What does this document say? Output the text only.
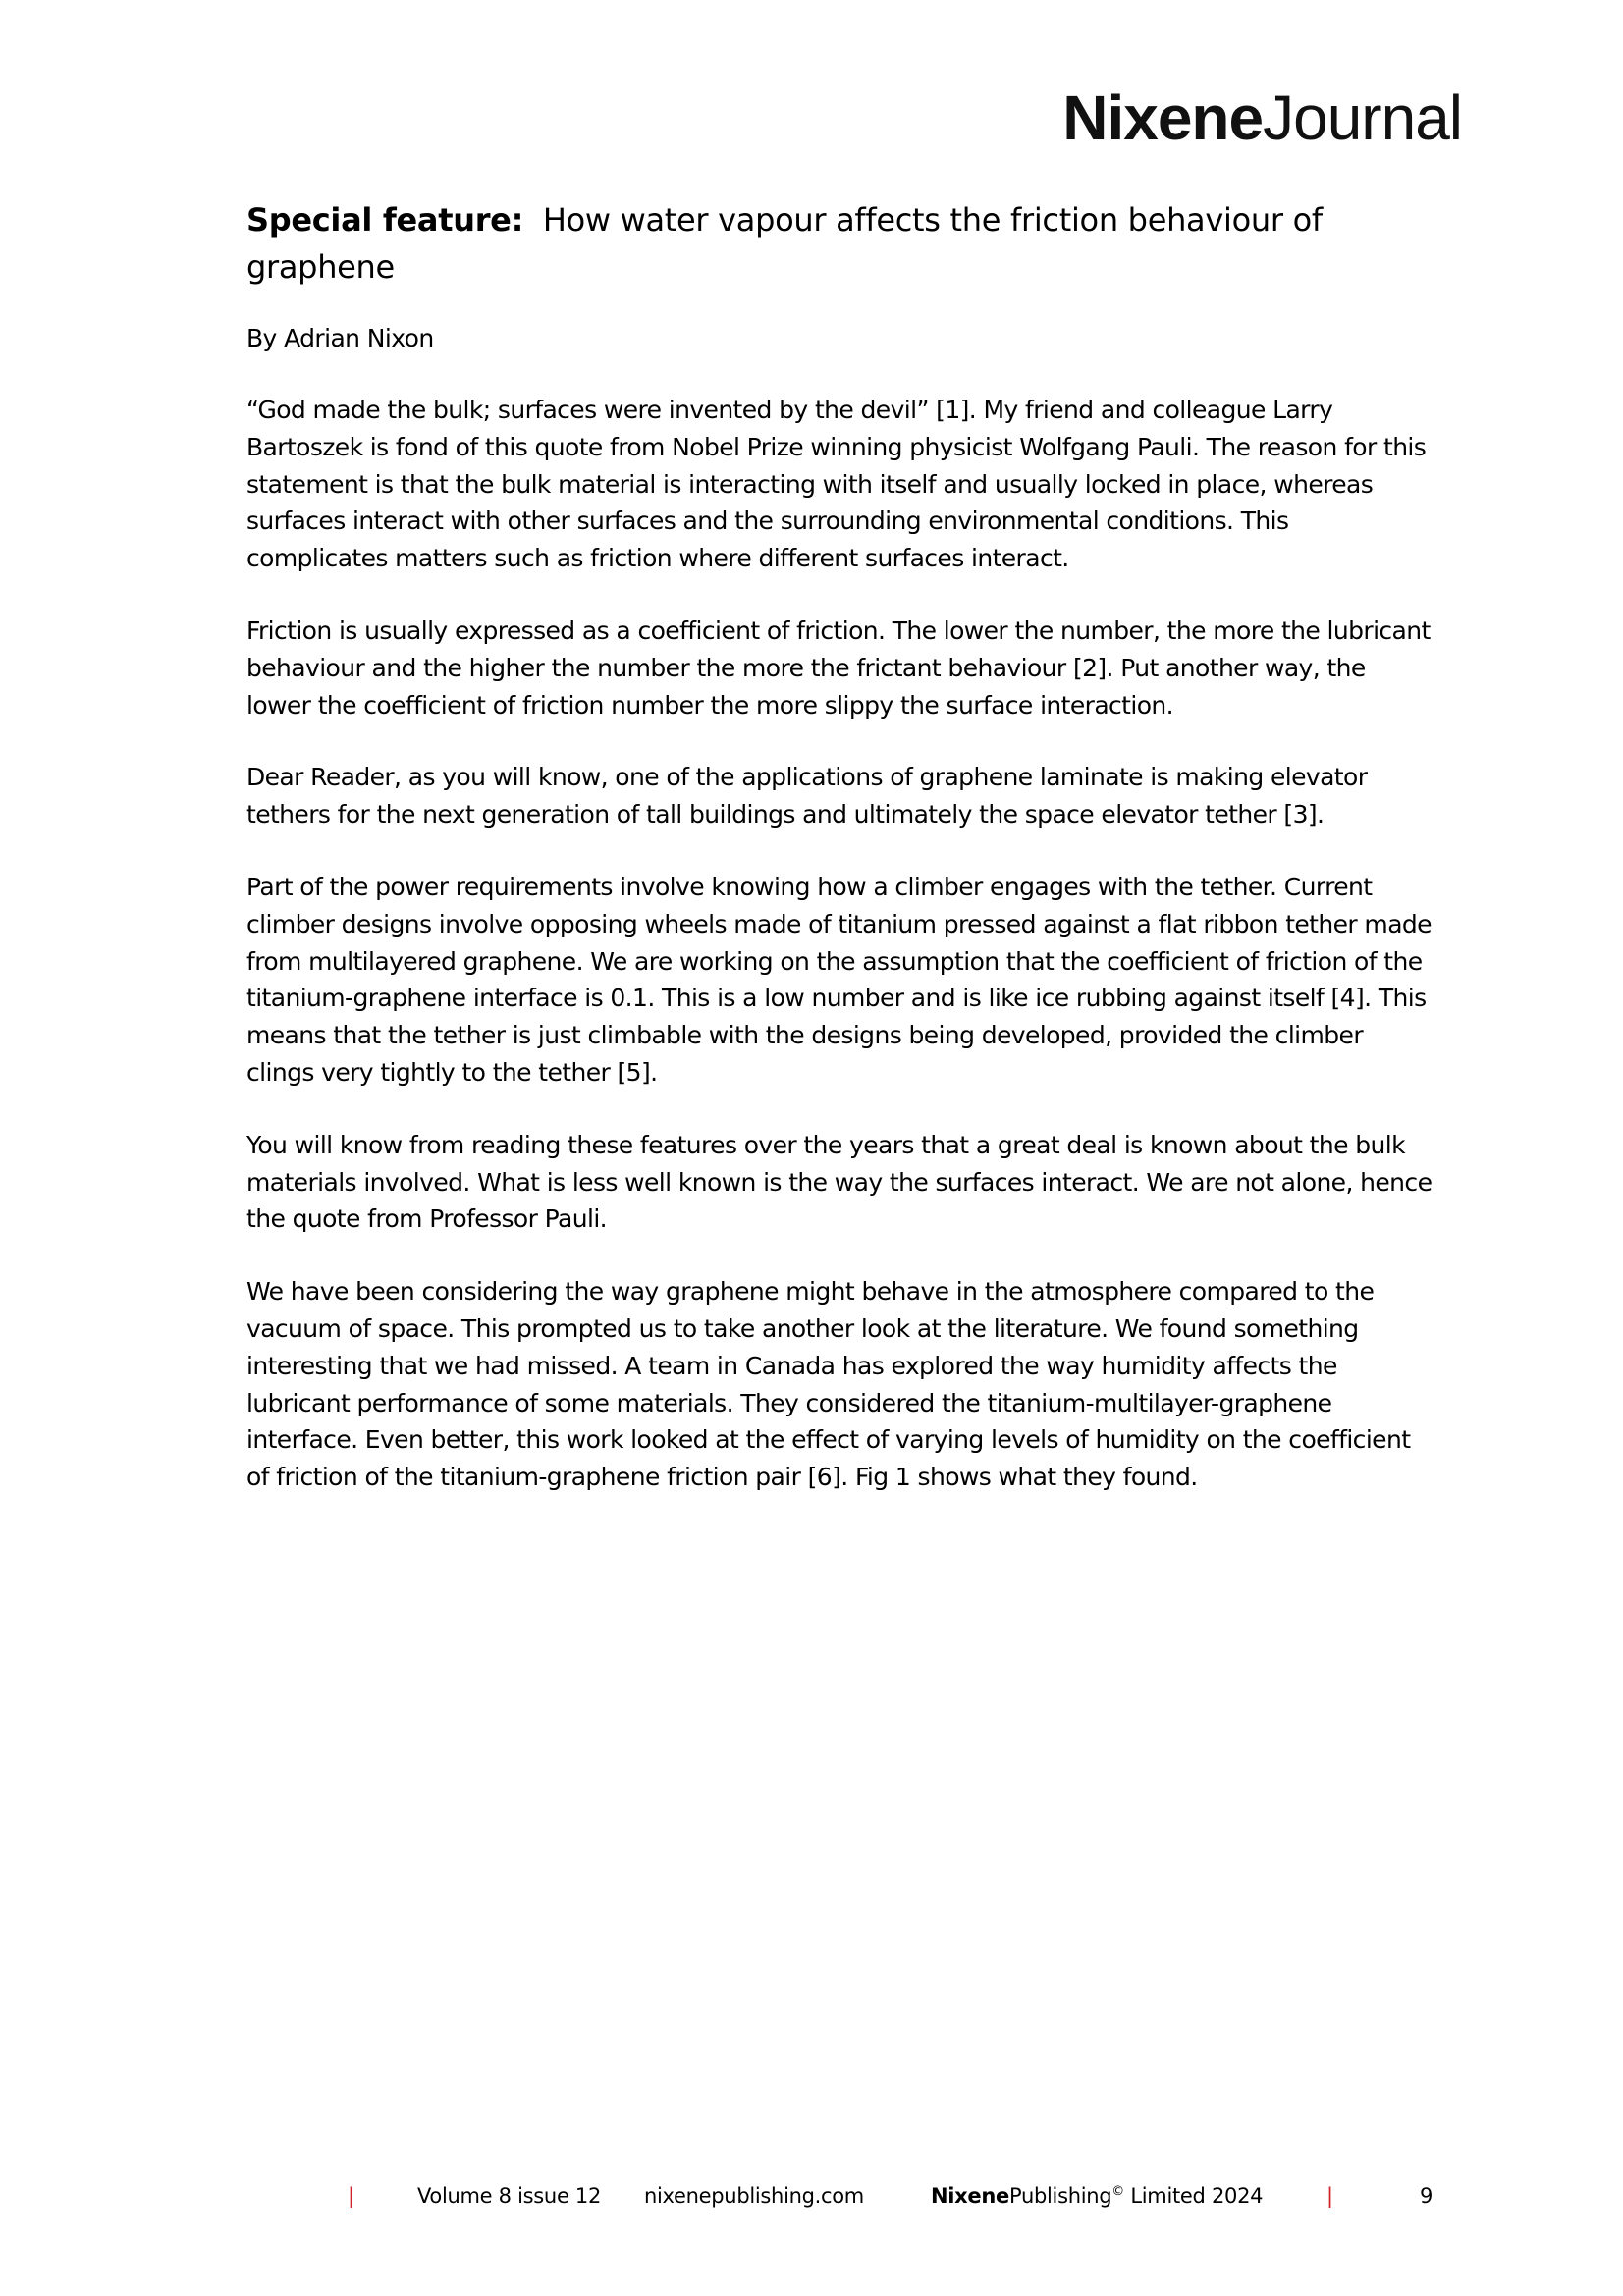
NixeneJournal
Special feature: How water vapour affects the friction behaviour of graphene

By Adrian Nixon

“God made the bulk; surfaces were invented by the devil” [1]. My friend and colleague Larry Bartoszek is fond of this quote from Nobel Prize winning physicist Wolfgang Pauli. The reason for this statement is that the bulk material is interacting with itself and usually locked in place, whereas surfaces interact with other surfaces and the surrounding environmental conditions. This complicates matters such as friction where different surfaces interact.

Friction is usually expressed as a coefficient of friction. The lower the number, the more the lubricant behaviour and the higher the number the more the frictant behaviour [2]. Put another way, the lower the coefficient of friction number the more slippy the surface interaction.

Dear Reader, as you will know, one of the applications of graphene laminate is making elevator tethers for the next generation of tall buildings and ultimately the space elevator tether [3].

Part of the power requirements involve knowing how a climber engages with the tether. Current climber designs involve opposing wheels made of titanium pressed against a flat ribbon tether made from multilayered graphene. We are working on the assumption that the coefficient of friction of the titanium-graphene interface is 0.1. This is a low number and is like ice rubbing against itself [4]. This means that the tether is just climbable with the designs being developed, provided the climber clings very tightly to the tether [5].

You will know from reading these features over the years that a great deal is known about the bulk materials involved. What is less well known is the way the surfaces interact. We are not alone, hence the quote from Professor Pauli.

We have been considering the way graphene might behave in the atmosphere compared to the vacuum of space. This prompted us to take another look at the literature. We found something interesting that we had missed. A team in Canada has explored the way humidity affects the lubricant performance of some materials. They considered the titanium-multilayer-graphene interface. Even better, this work looked at the effect of varying levels of humidity on the coefficient of friction of the titanium-graphene friction pair [6]. Fig 1 shows what they found.

|	Volume 8 issue 12 nixenepublishing.com	NixenePublishing© Limited 2024	|	9
